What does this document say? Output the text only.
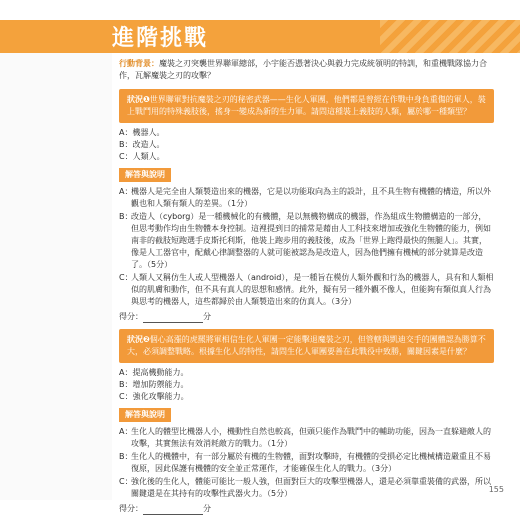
進階挑戰
行動背景：魔裝之刃突襲世界聯軍總部，小宇能否憑著決心與毅力完成統領明的特訓，和重機戰隊協力合作，瓦解魔裝之刃的攻擊？
狀況❶世界聯軍對抗魔裝之刃的秘密武器——生化人軍團，他們都是曾經在作戰中身負重傷的軍人，裝上戰鬥用的特殊義肢後，搖身一變成為新的生力軍。請問這種裝上義肢的人類，屬於哪一種類型？
A：機器人。
B：改造人。
C：人類人。
解答與說明
A：
機器人是完全由人類製造出來的機器，它是以功能取向為主的設計，且不具生物有機體的構造，所以外觀也和人類有類人的差異。（1分）
B：
改造人（cyborg）是一種機械化的有機體，是以無機物構成的機器，作為組成生物體構造的一部分，但思考動作均由生物體本身控制。這裡提到日的捕常是藉由人工科技來增加或強化生物體的能力，例如南非的截肢短跑選手皮斯托利斯，他裝上跑步用的義肢後，成為「世界上跑得最快的無腿人」。其實，像是人工器官中，配戴心律調整器的人就可能被認為是改造人，因為他們擁有機械的部分就算是改造了。（5分）
C：
人類人又稱仿生人或人型機器人（android），是一種旨在模仿人類外觀和行為的機器人，具有和人類相似的肌膚和動作，但不具有真人的思想和感情。此外，擬有另一種外觀不像人，但能夠有類似真人行為與思考的機器人，這些都歸於由人類製造出來的仿真人。（3分）
得分：	分
狀況❷個心高漲的虎羆將軍相信生化人軍團一定能擊退魔裝之刃，但管轄與凱迪交手的團體認為勝算不大，必須調整戰略。根據生化人的特性，請問生化人軍團要善在此戰役中致勝，關鍵因素是什麼？
A：提高機動能力。
B：增加防禦能力。
C：強化攻擊能力。
解答與說明
A：
生化人的體型比機器人小，機動性自然也較高，但頭只能作為戰鬥中的輔助功能，因為一直躲避敵人的攻擊，其實無法有效消耗敵方的戰力。（1分）
B：
生化人的機體中，有一部分屬於有機的生物體，面對攻擊時，有機體的受損必定比機械構造嚴重且不易復原，因此保護有機體的安全並正常運作，才能確保生化人的戰力。（3分）
C：
強化後的生化人，體能可能比一般人強，但面對巨大的攻擊型機器人，還是必須靠重裝備的武器，所以關鍵還是在其持有的攻擊性武器火力。（5分）
得分：	分
155
